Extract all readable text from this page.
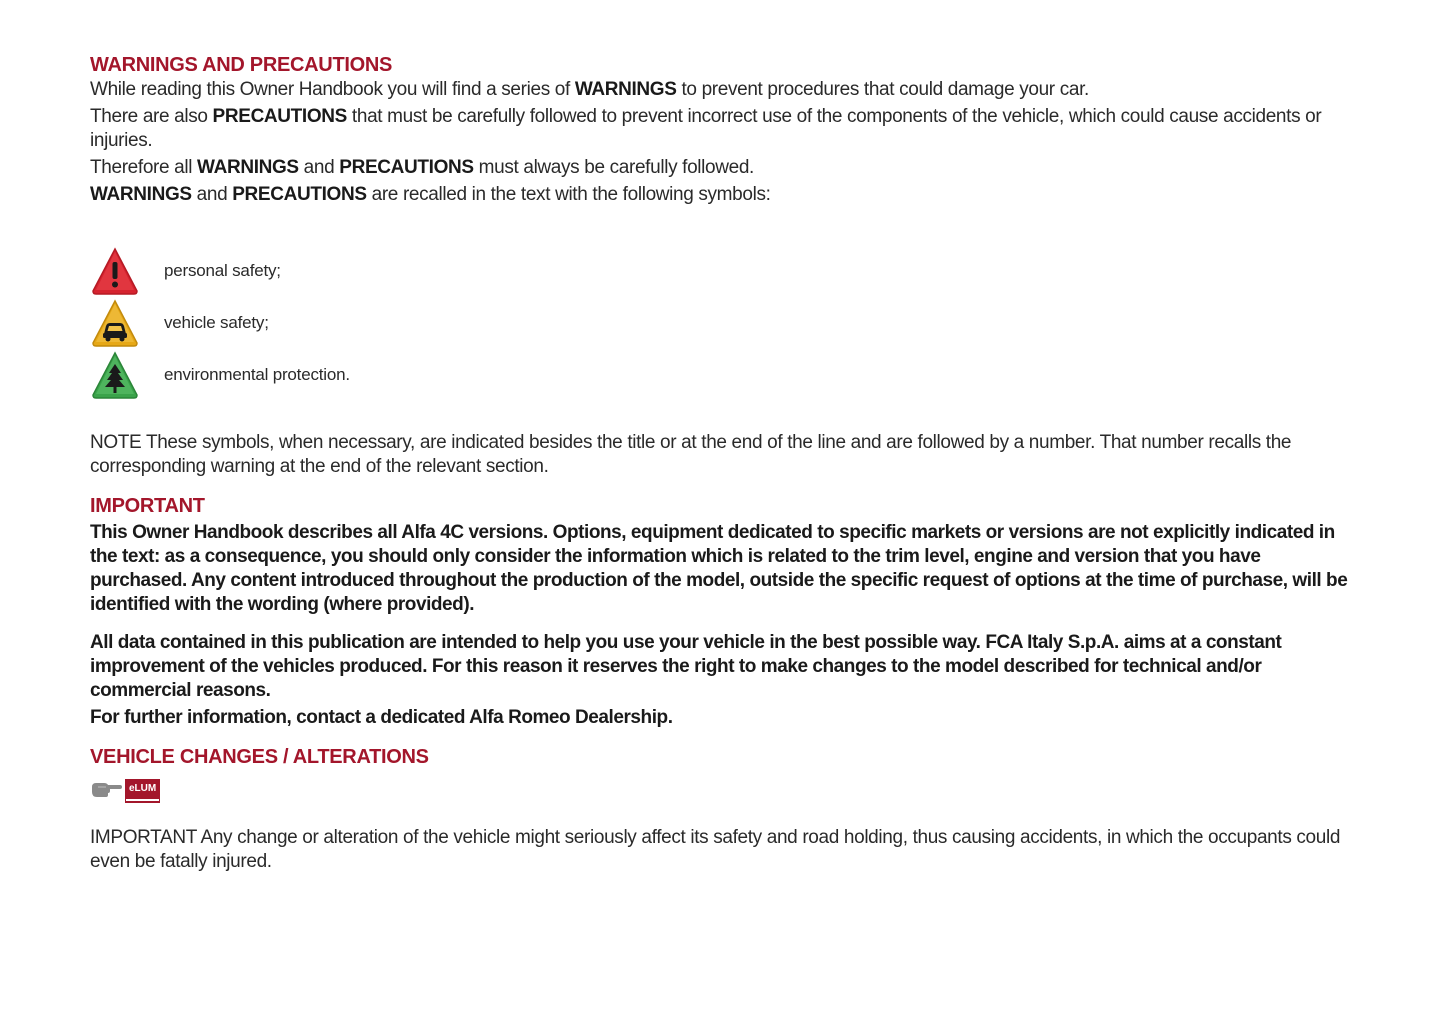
WARNINGS AND PRECAUTIONS

While reading this Owner Handbook you will find a series of WARNINGS to prevent procedures that could damage your car.

There are also PRECAUTIONS that must be carefully followed to prevent incorrect use of the components of the vehicle, which could cause accidents or injuries.

Therefore all WARNINGS and PRECAUTIONS must always be carefully followed.

WARNINGS and PRECAUTIONS are recalled in the text with the following symbols:

personal safety;
vehicle safety;
environmental protection.

NOTE These symbols, when necessary, are indicated besides the title or at the end of the line and are followed by a number. That number recalls the corresponding warning at the end of the relevant section.

IMPORTANT

This Owner Handbook describes all Alfa 4C versions. Options, equipment dedicated to specific markets or versions are not explicitly indicated in the text: as a consequence, you should only consider the information which is related to the trim level, engine and version that you have purchased. Any content introduced throughout the production of the model, outside the specific request of options at the time of purchase, will be identified with the wording (where provided).

All data contained in this publication are intended to help you use your vehicle in the best possible way. FCA Italy S.p.A. aims at a constant improvement of the vehicles produced. For this reason it reserves the right to make changes to the model described for technical and/or commercial reasons.

For further information, contact a dedicated Alfa Romeo Dealership.

VEHICLE CHANGES / ALTERATIONS
eLUM

IMPORTANT Any change or alteration of the vehicle might seriously affect its safety and road holding, thus causing accidents, in which the occupants could even be fatally injured.
